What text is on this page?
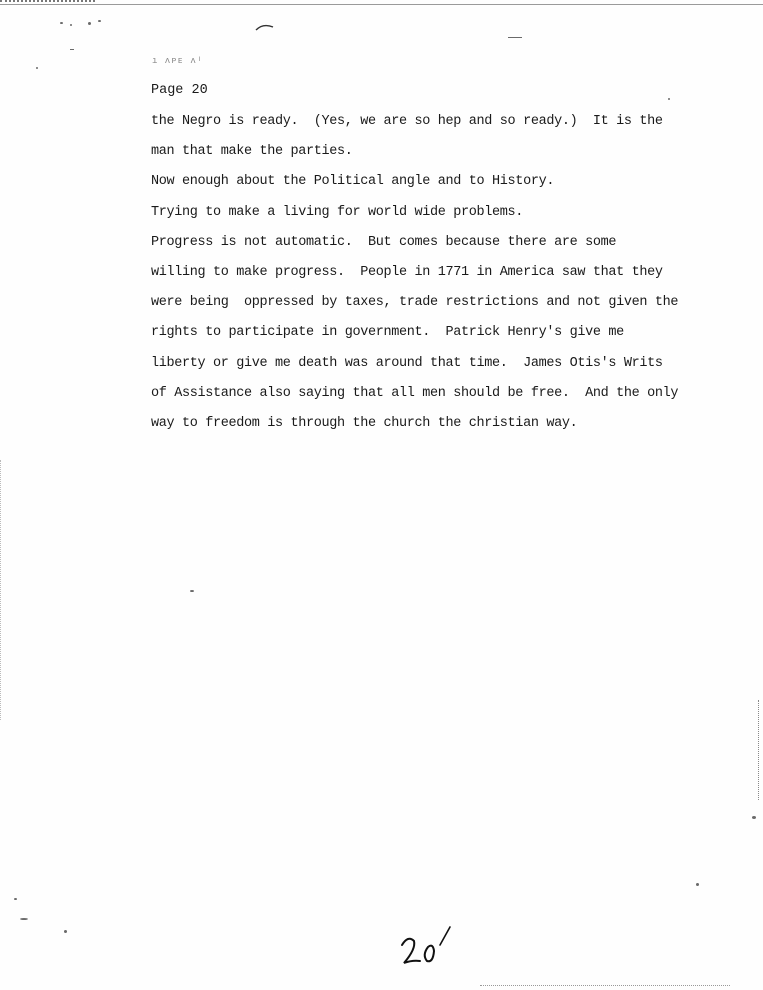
ı ᴧᴘᴇ ᴧᴵ
Page 20
the Negro is ready.  (Yes, we are so hep and so ready.)  It is the
man that make the parties.
Now enough about the Political angle and to History.
Trying to make a living for world wide problems.
Progress is not automatic.  But comes because there are some
willing to make progress.  People in 1771 in America saw that they
were being  oppressed by taxes, trade restrictions and not given the
rights to participate in government.  Patrick Henry's give me
liberty or give me death was around that time.  James Otis's Writs
of Assistance also saying that all men should be free.  And the only
way to freedom is through the church the christian way.
